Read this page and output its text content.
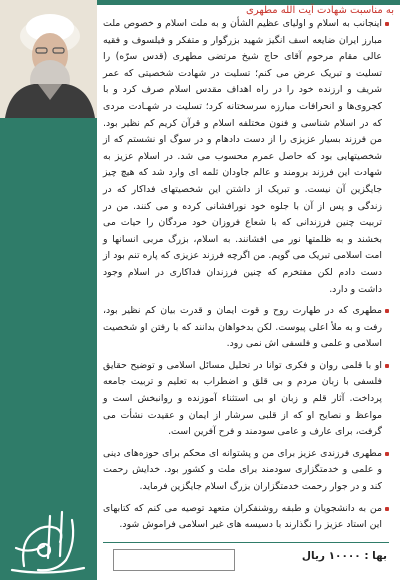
به مناسبت شهادت آیت الله مطهری
اینجانب به اسلام و اولیای عظیم الشأن و به ملت اسلام و خصوص ملت مبارز ایران ضایعه اسف انگیز شهید بزرگوار و متفکر و فیلسوف و فقیه عالی مقام مرحوم آقای حاج شیخ مرتضی مطهری (قدس سرّه) را تسلیت و تبریک عرض می کنم؛ تسلیت در شهادت شخصیتی که عمر شریف و ارزنده خود را در راه اهداف مقدس اسلام صرف کرد و با کجروی‌ها و انحرافات مبارزه سرسختانه کرد؛ تسلیت در شهـادت مردی که در اسلام شناسی و فنون مختلفه اسلام و قرآن کریم کم نظیر بود. من فرزند بسیار عزیزی را از دست دادهام و در سوگ او نشستم که از شخصیتهایی بود که حاصل عمرم محسوب می شد. در اسلام عزیز به شهادت این فرزند برومند و عالم جاودان ثلمه ای وارد شد که هیچ چیز جایگزین آن نیست. و تبریک از داشتن این شخصیتهای فداکار که در زندگی و پس از آن با جلوه خود نورافشانی کرده و می کنند. من در تربیت چنین فرزندانی که با شعاع فروزان خود مردگان را حیات می بخشند و به ظلمتها نور می افشانند. به اسلام، بزرگ مربی انسانها و امت اسلامی تبریک می گویم. من اگرچه فرزند عزیزی که پاره تنم بود از دست دادم لکن مفتخرم که چنین فرزندان فداکاری در اسلام وجود داشت و دارد.
مطهری که در طهارت روح و قوت ایمان و قدرت بیان کم نظیر بود، رفت و به ملأ اعلی پیوست. لکن بدخواهان بدانند که با رفتن او شخصیت اسلامی و علمی و فلسفی اش نمی رود.
او با قلمی روان و فکری توانا در تحلیل مسائل اسلامی و توضیح حقایق فلسفی با زبان مردم و بی قلق و اضطراب به تعلیم و تربیت جامعه پرداخت. آثار قلم و زبان او بی استثناء آموزنده و روانبخش است و مواعظ و نصایح او که از قلبی سرشار از ایمان و عقیدت نشأت می گرفت، برای عارف و عامی سودمند و فرح آفرین است.
مطهری فرزندی عزیز برای من و پشتوانه ای محکم برای حوزه‌های دینی و علمی و خدمتگزاری سودمند برای ملت و کشور بود. خدایش رحمت کند و در جوار رحمت خدمتگزاران بزرگ اسلام جایگزین فرماید.
من به دانشجویان و طبقه روشنفکران متعهد توصیه می کنم که کتابهای این استاد عزیز را نگذارند با دسیسه های غیر اسلامی فراموش شود.
بها : ۱۰۰۰۰ ریال
